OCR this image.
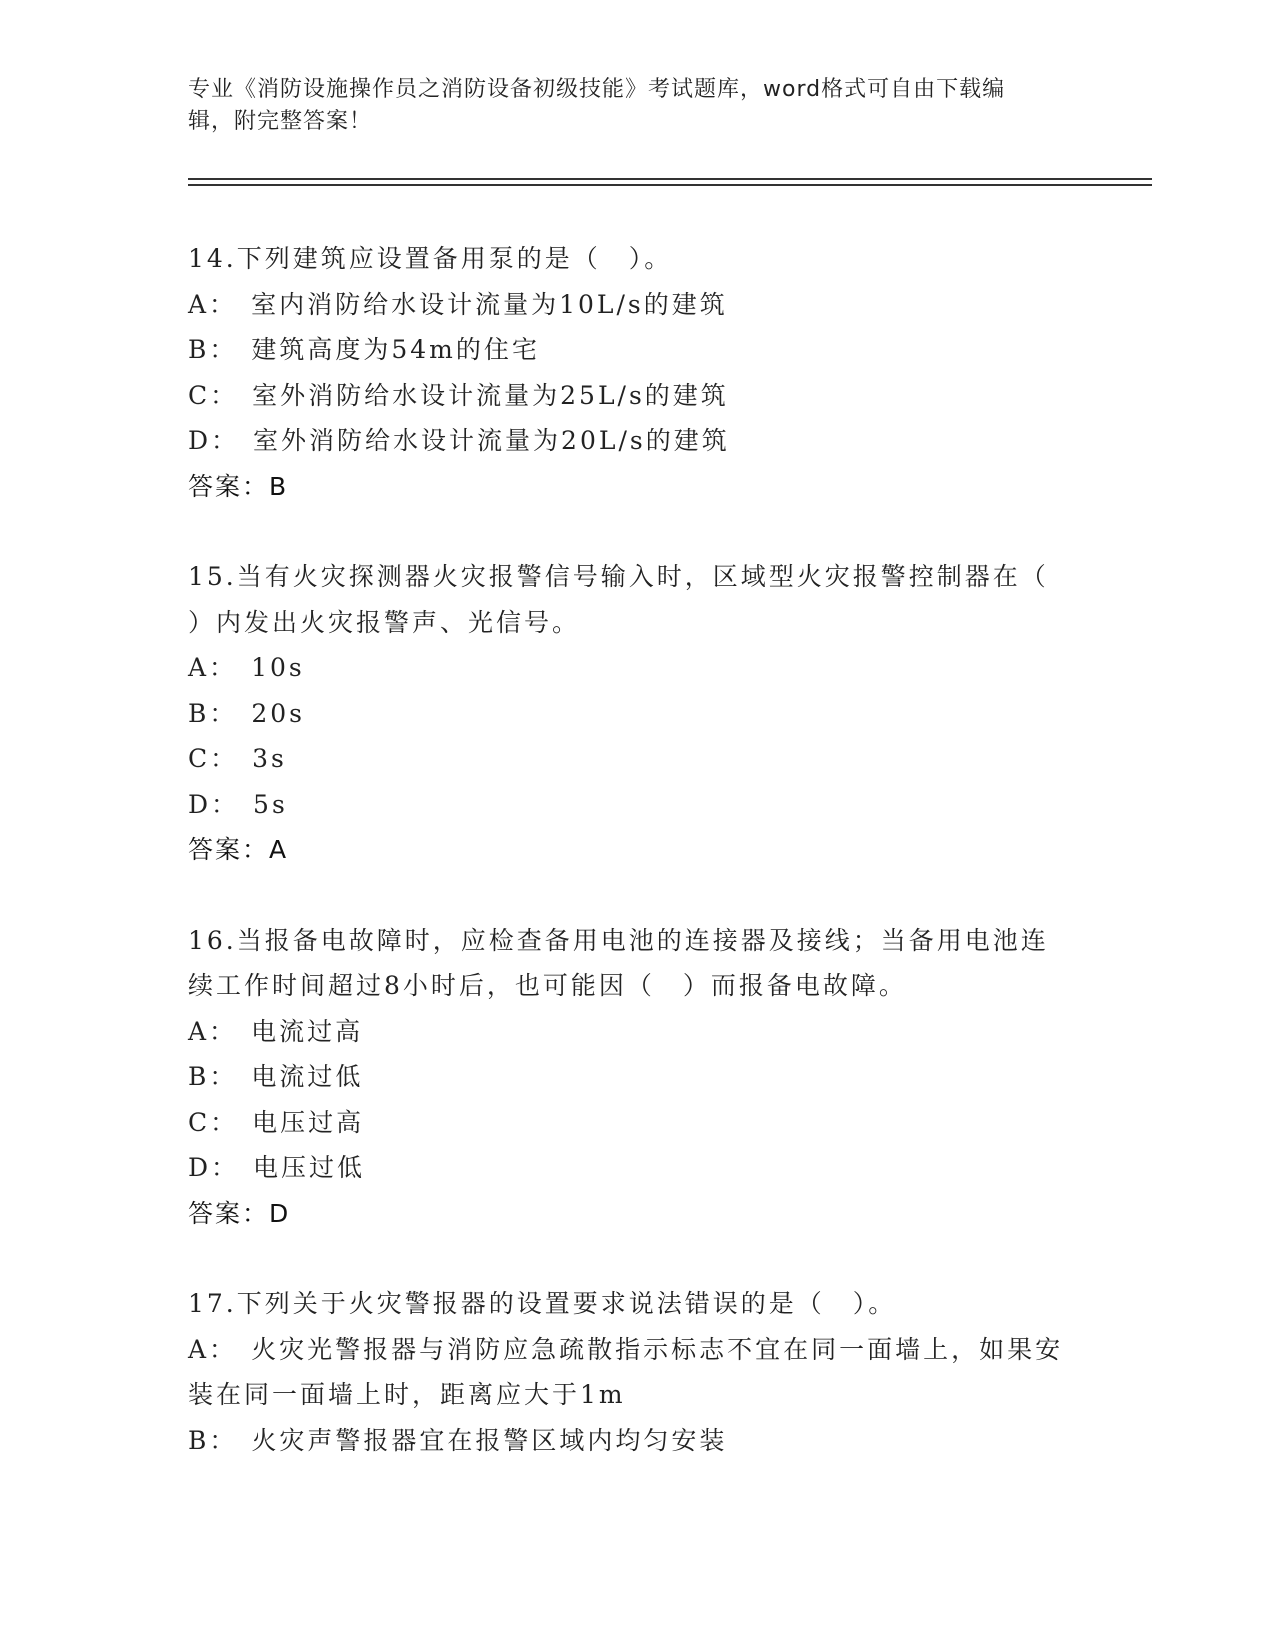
专业《消防设施操作员之消防设备初级技能》考试题库，word格式可自由下载编
辑，附完整答案！
14.下列建筑应设置备用泵的是（　）。
A： 室内消防给水设计流量为10L/s的建筑
B： 建筑高度为54m的住宅
C： 室外消防给水设计流量为25L/s的建筑
D： 室外消防给水设计流量为20L/s的建筑
答案：B
15.当有火灾探测器火灾报警信号输入时，区域型火灾报警控制器在（
）内发出火灾报警声、光信号。
A： 10s
B： 20s
C： 3s
D： 5s
答案：A
16.当报备电故障时，应检查备用电池的连接器及接线；当备用电池连
续工作时间超过8小时后，也可能因（　）而报备电故障。
A： 电流过高
B： 电流过低
C： 电压过高
D： 电压过低
答案：D
17.下列关于火灾警报器的设置要求说法错误的是（　）。
A： 火灾光警报器与消防应急疏散指示标志不宜在同一面墙上，如果安
装在同一面墙上时，距离应大于1m
B： 火灾声警报器宜在报警区域内均匀安装
